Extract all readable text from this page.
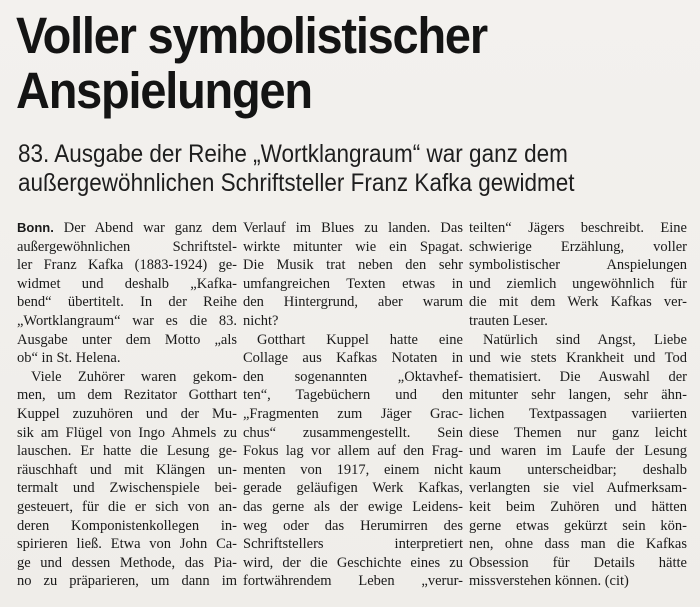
Voller symbolistischer
Anspielungen
83. Ausgabe der Reihe „Wortklangraum“ war ganz dem
außergewöhnlichen Schriftsteller Franz Kafka gewidmet
Bonn. Der Abend war ganz dem
außergewöhnlichen Schriftstel-
ler Franz Kafka (1883-1924) ge-
widmet und deshalb „Kafka-
bend“ übertitelt. In der Reihe
„Wortklangraum“ war es die 83.
Ausgabe unter dem Motto „als
ob“ in St. Helena.
Viele Zuhörer waren gekom-
men, um dem Rezitator Gotthart
Kuppel zuzuhören und der Mu-
sik am Flügel von Ingo Ahmels zu
lauschen. Er hatte die Lesung ge-
räuschhaft und mit Klängen un-
termalt und Zwischenspiele bei-
gesteuert, für die er sich von an-
deren Komponistenkollegen in-
spirieren ließ. Etwa von John Ca-
ge und dessen Methode, das Pia-
no zu präparieren, um dann im
Verlauf im Blues zu landen. Das
wirkte mitunter wie ein Spagat.
Die Musik trat neben den sehr
umfangreichen Texten etwas in
den Hintergrund, aber warum
nicht?
Gotthart Kuppel hatte eine
Collage aus Kafkas Notaten in
den sogenannten „Oktavhef-
ten“, Tagebüchern und den
„Fragmenten zum Jäger Grac-
chus“ zusammengestellt. Sein
Fokus lag vor allem auf den Frag-
menten von 1917, einem nicht
gerade geläufigen Werk Kafkas,
das gerne als der ewige Leidens-
weg oder das Herumirren des
Schriftstellers interpretiert
wird, der die Geschichte eines zu
fortwährendem Leben „verur-
teilten“ Jägers beschreibt. Eine
schwierige Erzählung, voller
symbolistischer Anspielungen
und ziemlich ungewöhnlich für
die mit dem Werk Kafkas ver-
trauten Leser.
Natürlich sind Angst, Liebe
und wie stets Krankheit und Tod
thematisiert. Die Auswahl der
mitunter sehr langen, sehr ähn-
lichen Textpassagen variierten
diese Themen nur ganz leicht
und waren im Laufe der Lesung
kaum unterscheidbar; deshalb
verlangten sie viel Aufmerksam-
keit beim Zuhören und hätten
gerne etwas gekürzt sein kön-
nen, ohne dass man die Kafkas
Obsession für Details hätte
missverstehen können. (cit)
